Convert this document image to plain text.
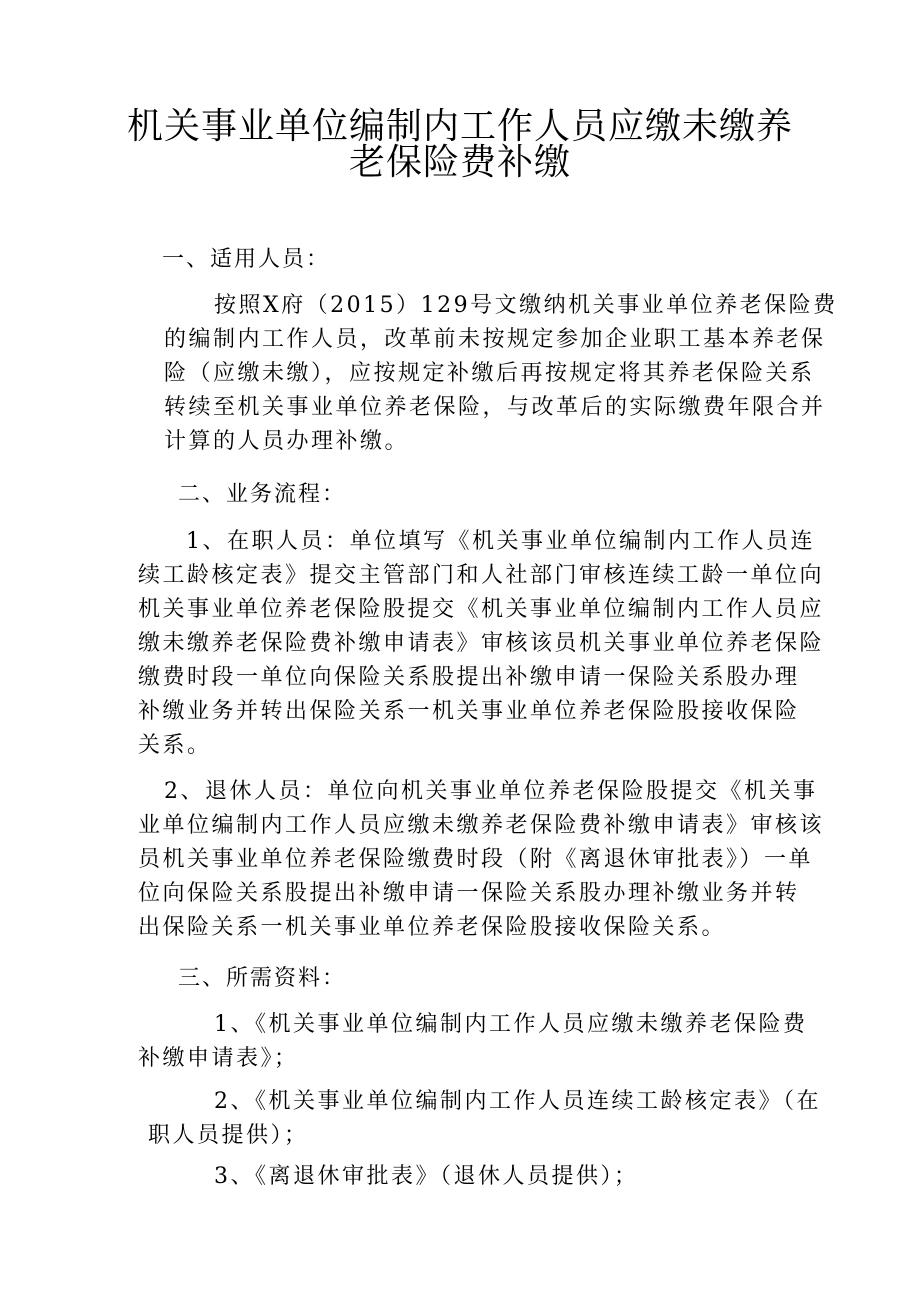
机关事业单位编制内工作人员应缴未缴养
老保险费补缴
一、适用人员：
按照X府（2015）129号文缴纳机关事业单位养老保险费
的编制内工作人员，改革前未按规定参加企业职工基本养老保
险（应缴未缴），应按规定补缴后再按规定将其养老保险关系
转续至机关事业单位养老保险，与改革后的实际缴费年限合并
计算的人员办理补缴。
二、业务流程：
1、在职人员：单位填写《机关事业单位编制内工作人员连
续工龄核定表》提交主管部门和人社部门审核连续工龄一单位向
机关事业单位养老保险股提交《机关事业单位编制内工作人员应
缴未缴养老保险费补缴申请表》审核该员机关事业单位养老保险
缴费时段一单位向保险关系股提出补缴申请一保险关系股办理
补缴业务并转出保险关系一机关事业单位养老保险股接收保险
关系。
2、退休人员：单位向机关事业单位养老保险股提交《机关事
业单位编制内工作人员应缴未缴养老保险费补缴申请表》审核该
员机关事业单位养老保险缴费时段（附《离退休审批表》）一单
位向保险关系股提出补缴申请一保险关系股办理补缴业务并转
出保险关系一机关事业单位养老保险股接收保险关系。
三、所需资料：
1、《机关事业单位编制内工作人员应缴未缴养老保险费
补缴申请表》；
2、《机关事业单位编制内工作人员连续工龄核定表》（在
职人员提供）；
3、《离退休审批表》（退休人员提供）；
